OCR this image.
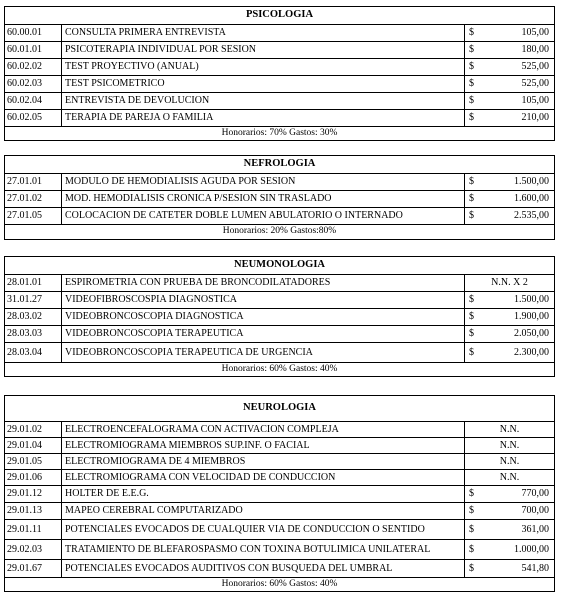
PSICOLOGIA
60.00.01	CONSULTA PRIMERA ENTREVISTA	$	105,00
60.01.01	PSICOTERAPIA INDIVIDUAL POR SESION	$	180,00
60.02.02	TEST PROYECTIVO (ANUAL)	$	525,00
60.02.03	TEST PSICOMETRICO	$	525,00
60.02.04	ENTREVISTA DE DEVOLUCION	$	105,00
60.02.05	TERAPIA DE PAREJA O FAMILIA	$	210,00
Honorarios: 70% Gastos: 30%
NEFROLOGIA
27.01.01	MODULO DE HEMODIALISIS AGUDA POR SESION	$	1.500,00
27.01.02	MOD. HEMODIALISIS CRONICA P/SESION SIN TRASLADO	$	1.600,00
27.01.05	COLOCACION DE CATETER DOBLE LUMEN ABULATORIO O INTERNADO	$	2.535,00
Honorarios: 20% Gastos:80%
NEUMONOLOGIA
28.01.01	ESPIROMETRIA CON PRUEBA DE BRONCODILATADORES	N.N. X 2
31.01.27	VIDEOFIBROSCOSPIA DIAGNOSTICA	$	1.500,00
28.03.02	VIDEOBRONCOSCOPIA DIAGNOSTICA	$	1.900,00
28.03.03	VIDEOBRONCOSCOPIA TERAPEUTICA	$	2.050,00
28.03.04	VIDEOBRONCOSCOPIA TERAPEUTICA DE URGENCIA	$	2.300,00
Honorarios: 60% Gastos: 40%
NEUROLOGIA
29.01.02	ELECTROENCEFALOGRAMA CON ACTIVACION COMPLEJA	N.N.
29.01.04	ELECTROMIOGRAMA MIEMBROS SUP.INF. O FACIAL	N.N.
29.01.05	ELECTROMIOGRAMA DE 4 MIEMBROS	N.N.
29.01.06	ELECTROMIOGRAMA CON VELOCIDAD DE CONDUCCION	N.N.
29.01.12	HOLTER DE E.E.G.	$	770,00
29.01.13	MAPEO CEREBRAL COMPUTARIZADO	$	700,00
29.01.11	POTENCIALES EVOCADOS DE CUALQUIER VIA DE CONDUCCION O SENTIDO	$	361,00
29.02.03	TRATAMIENTO DE BLEFAROSPASMO CON TOXINA BOTULIMICA UNILATERAL	$	1.000,00
29.01.67	POTENCIALES EVOCADOS AUDITIVOS CON BUSQUEDA DEL UMBRAL	$	541,80
Honorarios: 60% Gastos: 40%
